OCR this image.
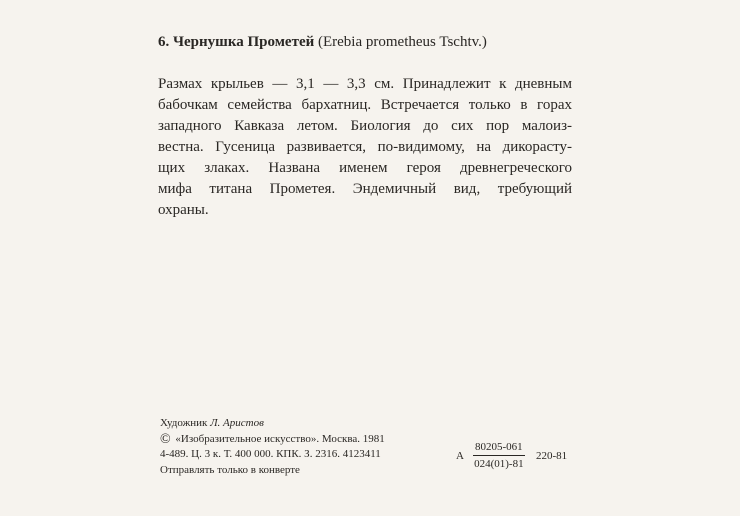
6. Чернушка Прометей (Erebia prometheus Tschtv.)
Размах крыльев — 3,1 — 3,3 см. Принадлежит к дневным
бабочкам семейства бархатниц. Встречается только в горах
западного Кавказа летом. Биология до сих пор малоиз-
вестна. Гусеница развивается, по-видимому, на дикорасту-
щих злаках. Названа именем героя древнегреческого
мифа титана Прометея. Эндемичный вид, требующий
охраны.
Художник Л. Аристов
© «Изобразительное искусство». Москва. 1981
4-489. Ц. 3 к. Т. 400 000. КПК. З. 2316. 4123411
Отправлять только в конверте
А $\frac{80205-061}{024(01)-81} 220-81$
